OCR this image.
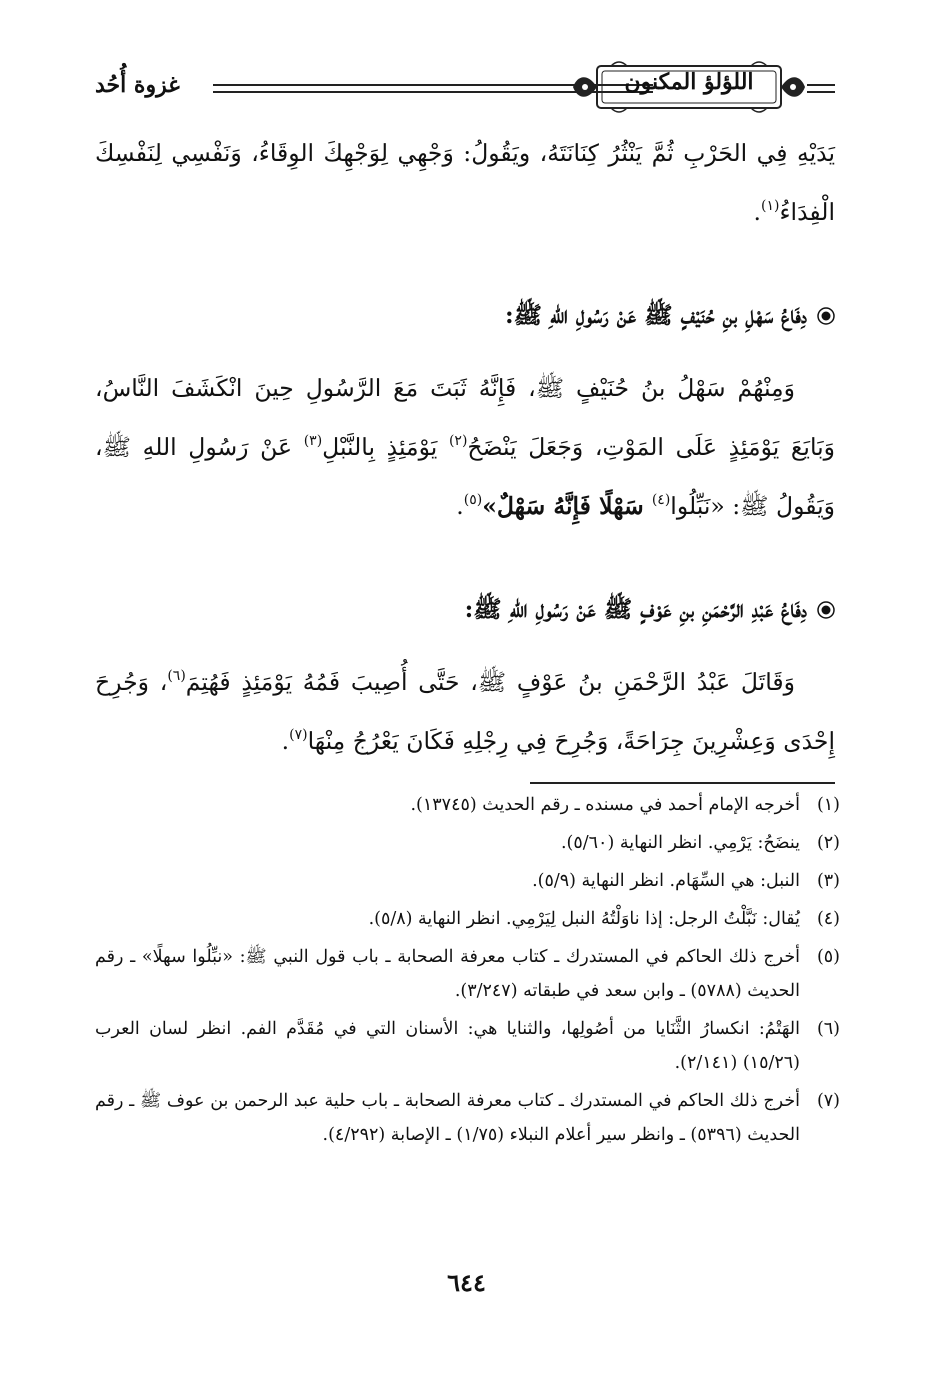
غزوة أُحُد	اللؤلؤ المكنون

يَدَيْهِ فِي الحَرْبِ ثُمَّ يَنْثُرُ كِنَانَتَهُ، ويَقُولُ: وَجْهِي لِوَجْهِكَ الوِقَاءُ، وَنَفْسِي لِنَفْسِكَ الْفِدَاءُ$^{(١)}$.

دِفَاعُ سَهْلِ بنِ حُنَيْفٍ ﷺ عَنْ رَسُولِ اللهِ ﷺ:

وَمِنْهُمْ سَهْلُ بنُ حُنَيْفٍ ﷺ، فَإِنَّهُ ثَبَتَ مَعَ الرَّسُولِ حِينَ انْكَشَفَ النَّاسُ، وَبَايَعَ يَوْمَئِذٍ عَلَى المَوْتِ، وَجَعَلَ يَنْضَحُ$^{(٢)}$ يَوْمَئِذٍ بِالنَّبْلِ$^{(٣)}$ عَنْ رَسُولِ اللهِ ﷺ، وَيَقُولُ ﷺ: «نَبِّلُوا$^{(٤)}$ سَهْلًا فَإِنَّهُ سَهْلٌ»$^{(٥)}$.

دِفَاعُ عَبْدِ الرَّحْمَنِ بنِ عَوْفٍ ﷺ عَنْ رَسُولِ اللهِ ﷺ:

وَقَاتَلَ عَبْدُ الرَّحْمَنِ بنُ عَوْفٍ ﷺ، حَتَّى أُصِيبَ فَمُهُ يَوْمَئِذٍ فَهُتِمَ$^{(٦)}$، وَجُرِحَ إِحْدَى وَعِشْرِينَ جِرَاحَةً، وَجُرِحَ فِي رِجْلِهِ فَكَانَ يَعْرُجُ مِنْهَا$^{(٧)}$.

(١)
أخرجه الإمام أحمد في مسنده ـ رقم الحديث (١٣٧٤٥).
(٢)
ينضَحُ: يَرْمِي. انظر النهاية (٥/٦٠).
(٣)
النبل: هي السِّهَام. انظر النهاية (٥/٩).
(٤)
يُقال: نَبَّلْتُ الرجل: إذا ناوَلْتُهُ النبل لِيَرْمِي. انظر النهاية (٥/٨).
(٥)
أخرج ذلك الحاكم في المستدرك ـ كتاب معرفة الصحابة ـ باب قول النبي ﷺ: «نبِّلُوا سهلًا» ـ رقم الحديث (٥٧٨٨) ـ وابن سعد في طبقاته (٣/٢٤٧).
(٦)
الهَتْمُ: انكسارُ الثَّنَايا من أصُولِها، والثنايا هي: الأسنان التي في مُقَدَّم الفم. انظر لسان العرب (١٥/٢٦) (٢/١٤١).
(٧)
أخرج ذلك الحاكم في المستدرك ـ كتاب معرفة الصحابة ـ باب حلية عبد الرحمن بن عوف ﷺ ـ رقم الحديث (٥٣٩٦) ـ وانظر سير أعلام النبلاء (١/٧٥) ـ الإصابة (٤/٢٩٢).
٦٤٤
